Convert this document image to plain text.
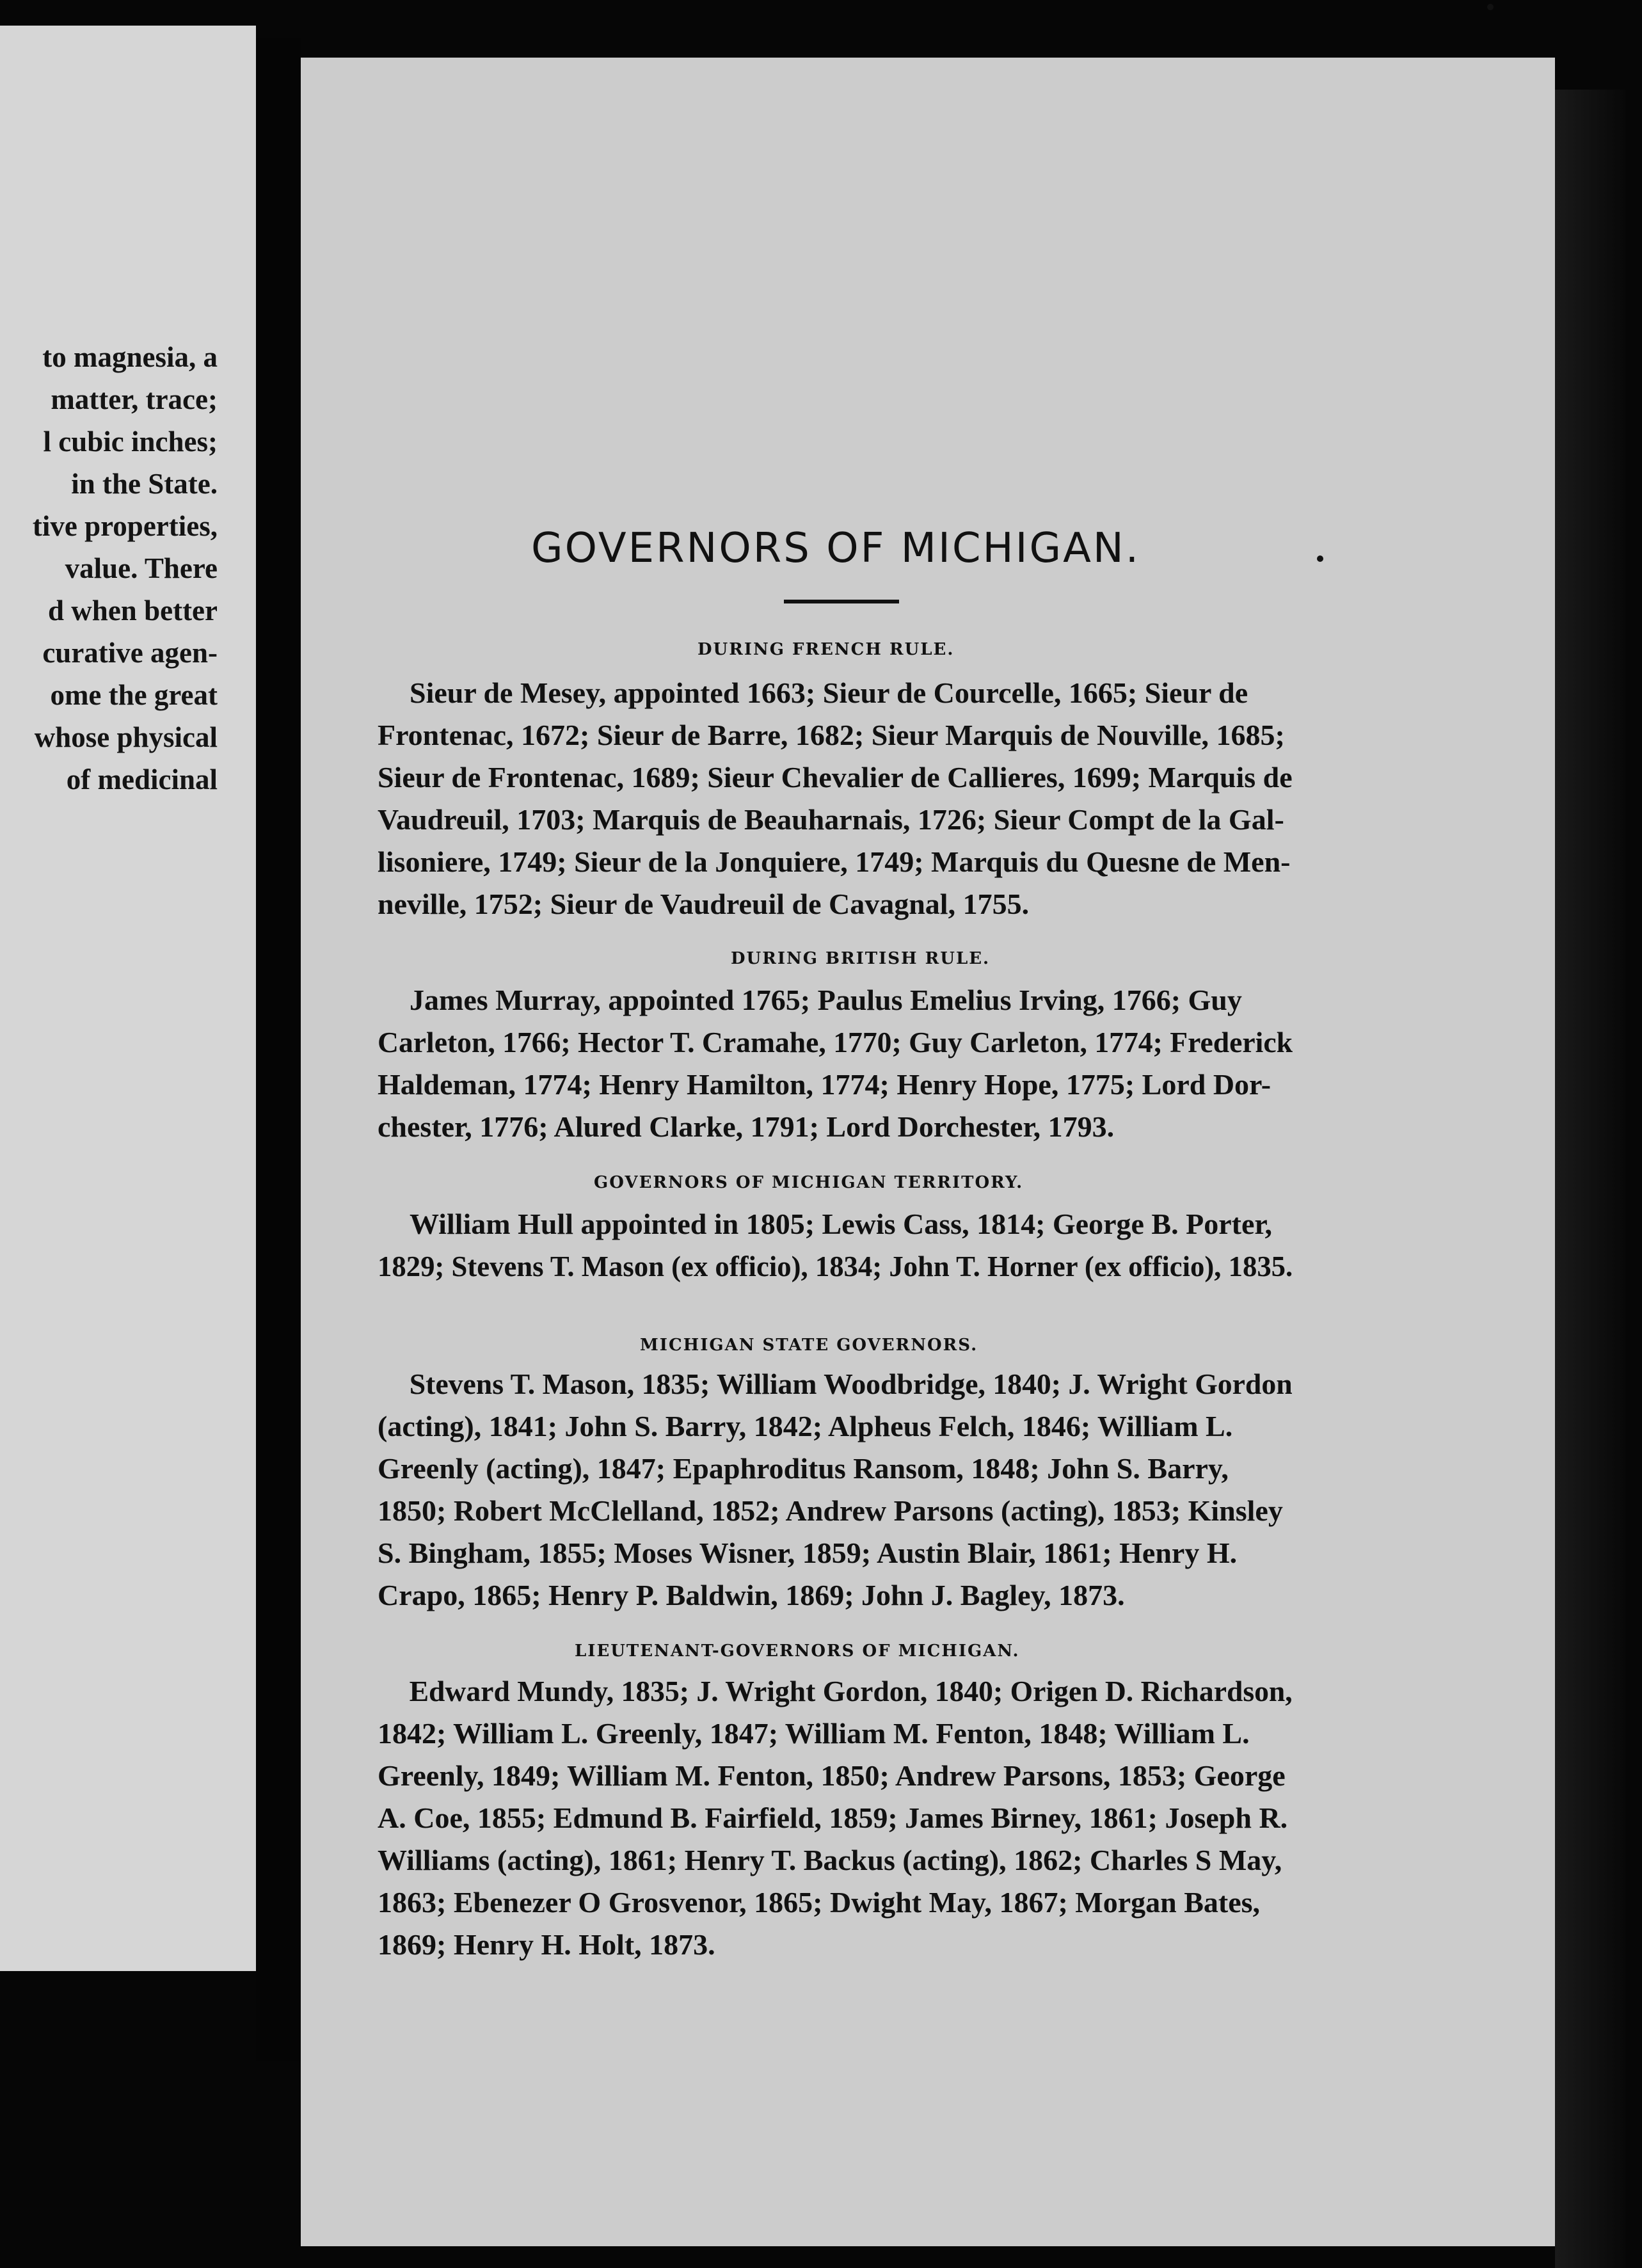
to magnesia, a
matter, trace;
l cubic inches;
in the State.
tive properties,
value. There
d when better
curative agen-
ome the great
whose physical
of medicinal
GOVERNORS OF MICHIGAN.
DURING FRENCH RULE.
Sieur de Mesey, appointed 1663; Sieur de Courcelle, 1665; Sieur de
Frontenac, 1672; Sieur de Barre, 1682; Sieur Marquis de Nouville, 1685;
Sieur de Frontenac, 1689; Sieur Chevalier de Callieres, 1699; Marquis de
Vaudreuil, 1703; Marquis de Beauharnais, 1726; Sieur Compt de la Gal-
lisoniere, 1749; Sieur de la Jonquiere, 1749; Marquis du Quesne de Men-
neville, 1752; Sieur de Vaudreuil de Cavagnal, 1755.
DURING BRITISH RULE.
James Murray, appointed 1765; Paulus Emelius Irving, 1766; Guy
Carleton, 1766; Hector T. Cramahe, 1770; Guy Carleton, 1774; Frederick
Haldeman, 1774; Henry Hamilton, 1774; Henry Hope, 1775; Lord Dor-
chester, 1776; Alured Clarke, 1791; Lord Dorchester, 1793.
GOVERNORS OF MICHIGAN TERRITORY.
William Hull appointed in 1805; Lewis Cass, 1814; George B. Porter,
1829; Stevens T. Mason (ex officio), 1834; John T. Horner (ex officio), 1835.
MICHIGAN STATE GOVERNORS.
Stevens T. Mason, 1835; William Woodbridge, 1840; J. Wright Gordon
(acting), 1841; John S. Barry, 1842; Alpheus Felch, 1846; William L.
Greenly (acting), 1847; Epaphroditus Ransom, 1848; John S. Barry,
1850; Robert McClelland, 1852; Andrew Parsons (acting), 1853; Kinsley
S. Bingham, 1855; Moses Wisner, 1859; Austin Blair, 1861; Henry H.
Crapo, 1865; Henry P. Baldwin, 1869; John J. Bagley, 1873.
LIEUTENANT-GOVERNORS OF MICHIGAN.
Edward Mundy, 1835; J. Wright Gordon, 1840; Origen D. Richardson,
1842; William L. Greenly, 1847; William M. Fenton, 1848; William L.
Greenly, 1849; William M. Fenton, 1850; Andrew Parsons, 1853; George
A. Coe, 1855; Edmund B. Fairfield, 1859; James Birney, 1861; Joseph R.
Williams (acting), 1861; Henry T. Backus (acting), 1862; Charles S May,
1863; Ebenezer O Grosvenor, 1865; Dwight May, 1867; Morgan Bates,
1869; Henry H. Holt, 1873.
